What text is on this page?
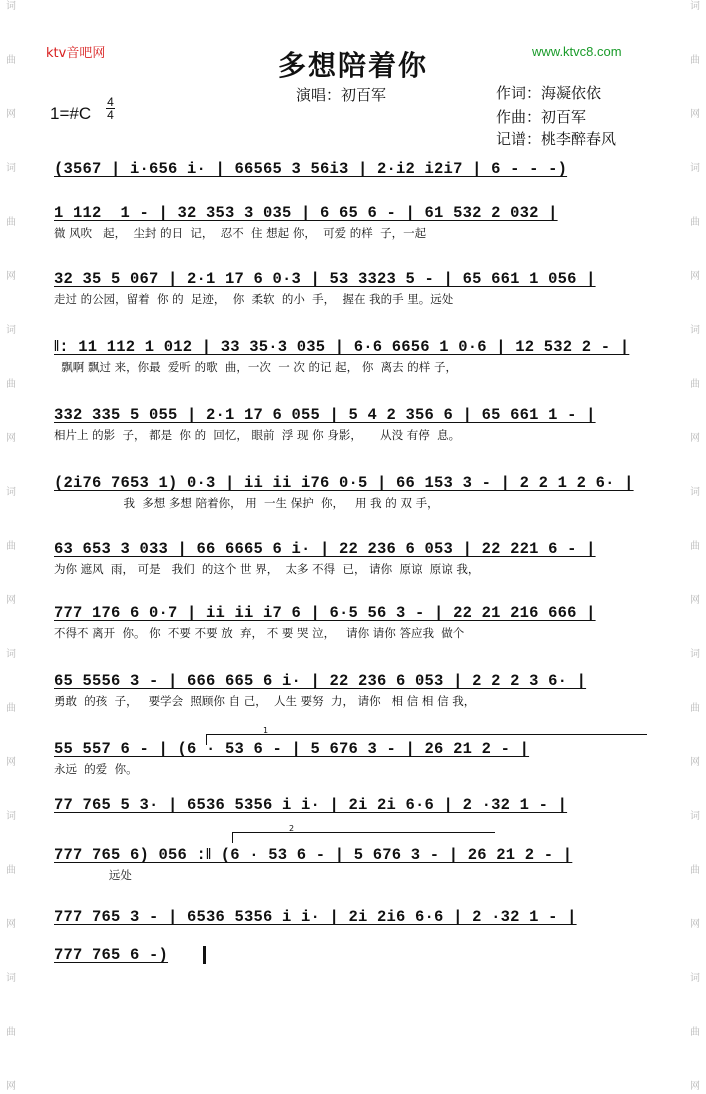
词
曲
网
词
曲
网
词
曲
网
词
曲
网
词
曲
网
词
曲
网
词
曲
网
词
曲
网
词
曲
网
词
曲
网
词
曲
网
词
曲
网
词
曲
网
词
曲
网
ktv音吧网	www.ktvc8.com
多想陪着你
演唱：初百军
1=#C
4
4
作词：海凝依依
作曲：初百军
记谱：桃李醉春风
(3567 | i·656 i· | 66565 3 56i3 | 2·i2 i2i7 | 6 - - -)
1 112  1 - | 32 353 3 035 | 6 65 6 - | 61 532 2 032 |
微 风吹   起，  尘封 的日  记，  忍不  住 想起 你，  可爱 的样  子，一起
32 35 5 067 | 2·1 17 6 0·3 | 53 3323 5 - | 65 661 1 056 |
走过 的公园，留着  你 的  足迹，  你  柔软  的小  手，  握在 我的手 里。远处
‖: 11 112 1 012 | 33 35·3 035 | 6·6 6656 1 0·6 | 12 532 2 - |
飘啊 飘过 来，你最  爱听 的歌  曲，一次  一 次 的记 起， 你  离去 的样 子，
332 335 5 055 | 2·1 17 6 055 | 5 4 2 356 6 | 65 661 1 - |
相片上 的影  子， 都是  你 的  回忆， 眼前  浮 现 你 身影，     从没 有停  息。
(2i76 7653 1) 0·3 | ii ii i76 0·5 | 66 153 3 - | 2 2 1 2 6· |
我  多想 多想 陪着你， 用  一生 保护  你，   用 我 的 双 手，
63 653 3 033 | 66 6665 6 i· | 22 236 6 053 | 22 221 6 - |
为你 遮风  雨， 可是   我们  的这个 世 界，  太多 不得  已， 请你  原谅  原谅 我，
777 176 6 0·7 | ii ii i7 6 | 6·5 56 3 - | 22 21 216 666 |
不得不 离开  你。 你  不要 不要 放  弃， 不 要 哭 泣，   请你 请你 答应我  做个
65 5556 3 - | 666 665 6 i· | 22 236 6 053 | 2 2 2 3 6· |
勇敢  的孩  子，   要学会  照顾你 自 己，  人生 要努  力， 请你   相 信 相 信 我，
1
55 557 6 - | (6 · 53 6 - | 5 676 3 - | 26 21 2 - |
永远  的爱  你。
77 765 5 3· | 6536 5356 i i· | 2i 2i 6·6 | 2 ·32 1 - |
2
777 765 6) 056 :‖ (6 · 53 6 - | 5 676 3 - | 26 21 2 - |
远处
777 765 3 - | 6536 5356 i i· | 2i 2i6 6·6 | 2 ·32 1 - |
777 765 6 -)
